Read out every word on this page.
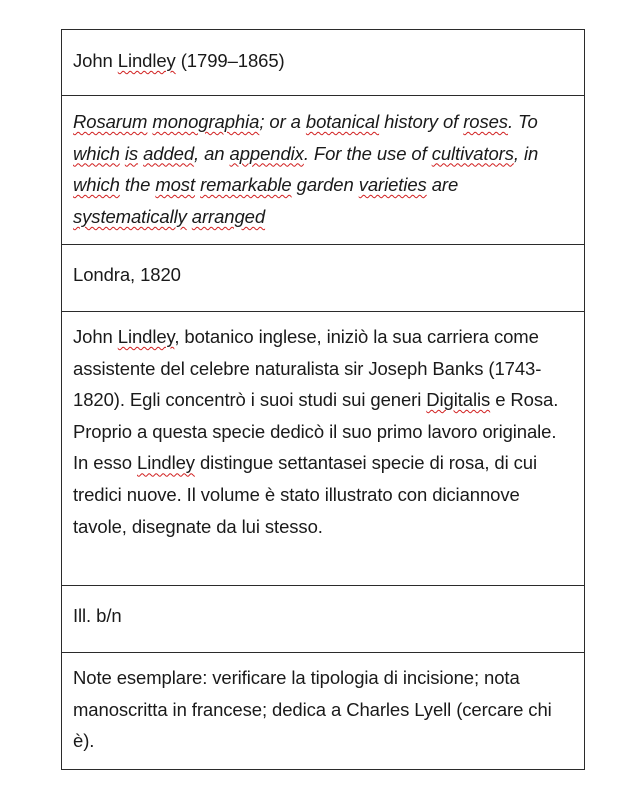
John Lindley (1799–1865)
Rosarum monographia; or a botanical history of roses. To which is added, an appendix. For the use of cultivators, in which the most remarkable garden varieties are systematically arranged
Londra, 1820
John Lindley, botanico inglese, iniziò la sua carriera come assistente del celebre naturalista sir Joseph Banks (1743-1820). Egli concentrò i suoi studi sui generi Digitalis e Rosa. Proprio a questa specie dedicò il suo primo lavoro originale. In esso Lindley distingue settantasei specie di rosa, di cui tredici nuove. Il volume è stato illustrato con diciannove tavole, disegnate da lui stesso.
Ill. b/n
Note esemplare: verificare la tipologia di incisione; nota manoscritta in francese; dedica a Charles Lyell (cercare chi è).
